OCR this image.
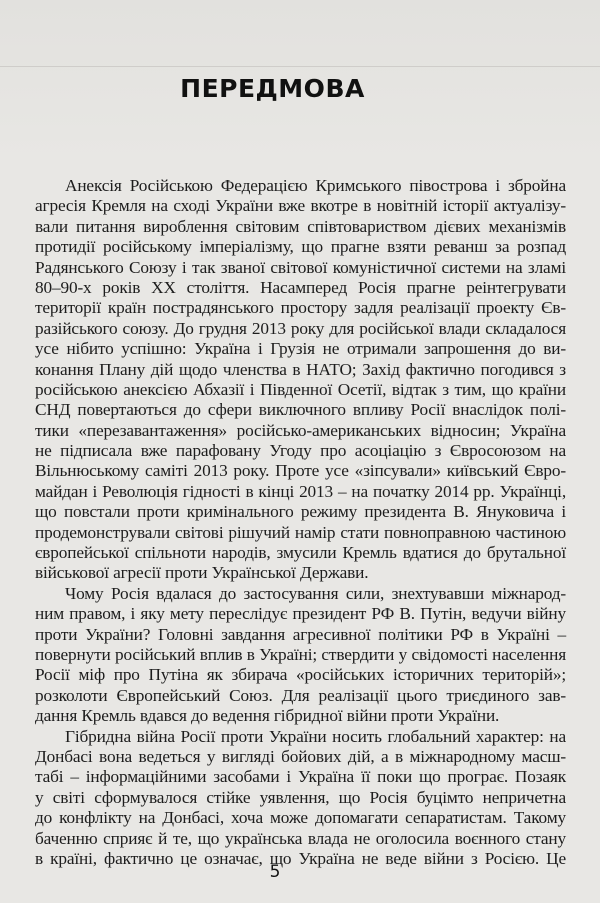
ПЕРЕДМОВА
Анексія Російською Федерацією Кримського півострова і збройна
агресія Кремля на сході України вже вкотре в новітній історії актуалізу-
вали питання вироблення світовим співтовариством дієвих механізмів
протидії російському імперіалізму, що прагне взяти реванш за розпад
Радянського Союзу і так званої світової комуністичної системи на зламі
80–90-х років ХХ століття. Насамперед Росія прагне реінтегрувати
території країн пострадянського простору задля реалізації проекту Єв-
разійського союзу. До грудня 2013 року для російської влади складалося
усе нібито успішно: Україна і Грузія не отримали запрошення до ви-
конання Плану дій щодо членства в НАТО; Захід фактично погодився з
російською анексією Абхазії і Південної Осетії, відтак з тим, що країни
СНД повертаються до сфери виключного впливу Росії внаслідок полі-
тики «перезавантаження» російсько-американських відносин; Україна
не підписала вже парафовану Угоду про асоціацію з Євросоюзом на
Вільнюському саміті 2013 року. Проте усе «зіпсували» київський Євро-
майдан і Революція гідності в кінці 2013 – на початку 2014 рр. Українці,
що повстали проти кримінального режиму президента В. Януковича і
продемонстрували світові рішучий намір стати повноправною частиною
європейської спільноти народів, змусили Кремль вдатися до брутальної
військової агресії проти Української Держави.
Чому Росія вдалася до застосування сили, знехтувавши міжнарод-
ним правом, і яку мету переслідує президент РФ В. Путін, ведучи війну
проти України? Головні завдання агресивної політики РФ в Україні –
повернути російський вплив в Україні; ствердити у свідомості населення
Росії міф про Путіна як збирача «російських історичних територій»;
розколоти Європейський Союз. Для реалізації цього триєдиного зав-
дання Кремль вдався до ведення гібридної війни проти України.
Гібридна війна Росії проти України носить глобальний характер: на
Донбасі вона ведеться у вигляді бойових дій, а в міжнародному масш-
табі – інформаційними засобами і Україна її поки що програє. Позаяк
у світі сформувалося стійке уявлення, що Росія буцімто непричетна
до конфлікту на Донбасі, хоча може допомагати сепаратистам. Такому
баченню сприяє й те, що українська влада не оголосила воєнного стану
в країні, фактично це означає, що Україна не веде війни з Росією. Це
5
